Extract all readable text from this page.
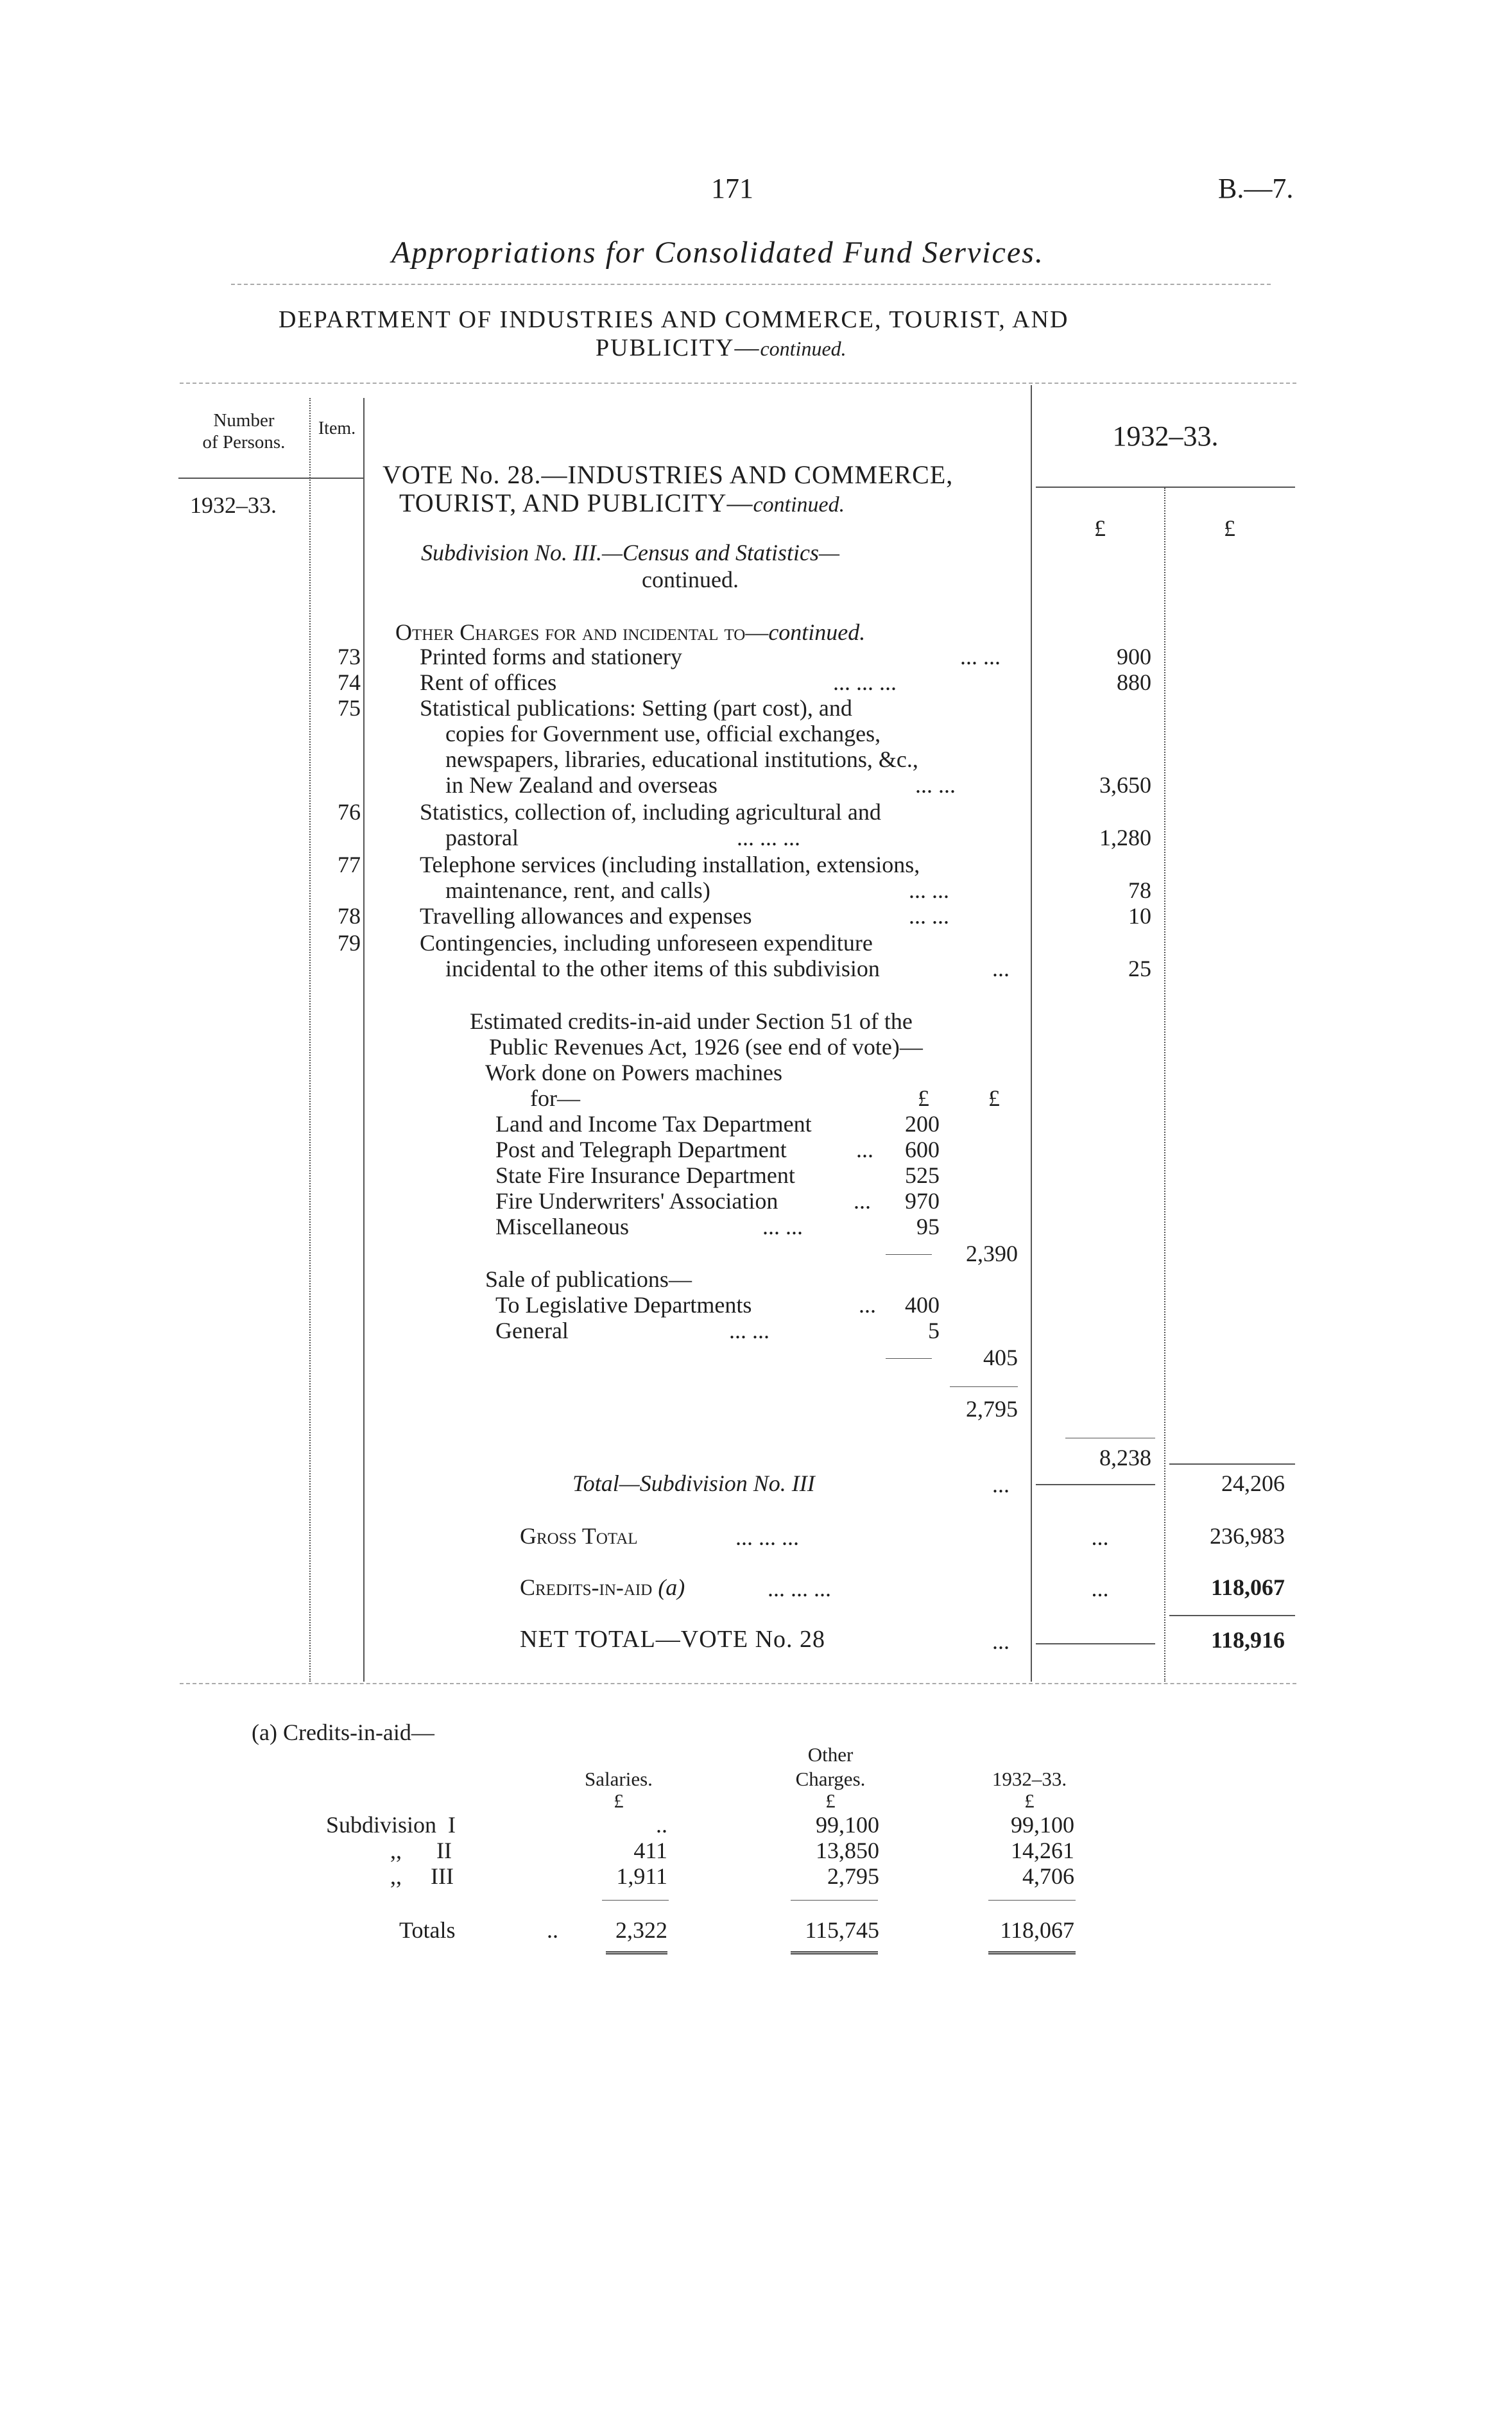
171	B.—7.
Appropriations for Consolidated Fund Services.
DEPARTMENT OF INDUSTRIES AND COMMERCE, TOURIST, AND
PUBLICITY—continued.
Number
of Persons.
Item.	1932–33.
1932–33.
£	£
VOTE No. 28.—INDUSTRIES AND COMMERCE,
TOURIST, AND PUBLICITY—continued.
Subdivision No. III.—Census and Statistics—
continued.
Other Charges for and incidental to—continued.
73	Printed forms and stationery	... ...	900
74	Rent of offices	... ... ...	880
75	Statistical publications: Setting (part cost), and
copies for Government use, official exchanges,
newspapers, libraries, educational institutions, &c.,
in New Zealand and overseas	... ...	3,650
76	Statistics, collection of, including agricultural and
pastoral	... ... ...	1,280
77	Telephone services (including installation, extensions,
maintenance, rent, and calls)	... ...	78
78	Travelling allowances and expenses	... ...	10
79	Contingencies, including unforeseen expenditure
incidental to the other items of this subdivision	...	25
Estimated credits-in-aid under Section 51 of the
Public Revenues Act, 1926 (see end of vote)—
Work done on Powers machines
for—	£	£
Land and Income Tax Department	200
Post and Telegraph Department	...	600
State Fire Insurance Department	525
Fire Underwriters' Association	...	970
Miscellaneous	... ...	95
2,390
Sale of publications—
To Legislative Departments	...	400
General	... ...	5
405
2,795
8,238
Total—Subdivision No. III	...	24,206
Gross Total	... ... ...	...	236,983
Credits-in-aid (a)	... ... ...	...	118,067
NET TOTAL—VOTE No. 28	...	118,916
(a) Credits-in-aid—
Salaries.
Other
Charges.	1932–33.
£	£	£
Subdivision  I	..	99,100	99,100
,,      II	411	13,850	14,261
,,     III	1,911	2,795	4,706
Totals	..	2,322	115,745	118,067
